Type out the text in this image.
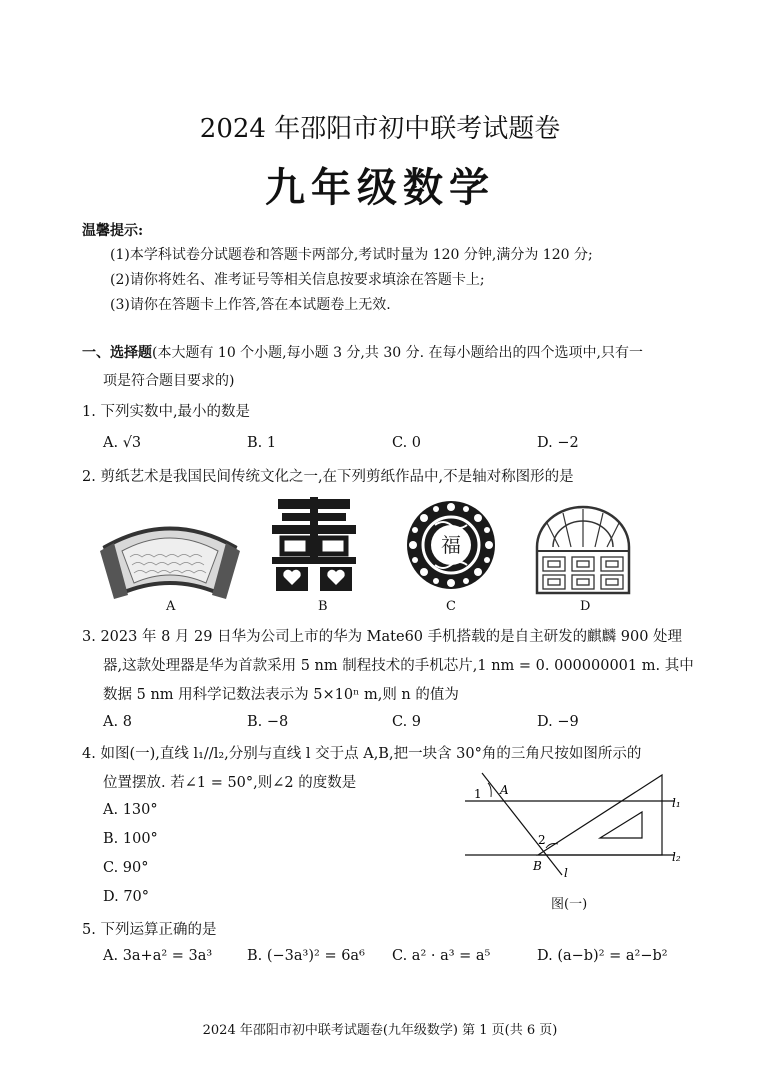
2024 年邵阳市初中联考试题卷
九年级数学
温馨提示:
(1)本学科试卷分试题卷和答题卡两部分,考试时量为 120 分钟,满分为 120 分;
(2)请你将姓名、准考证号等相关信息按要求填涂在答题卡上;
(3)请你在答题卡上作答,答在本试题卷上无效.
一、选择题(本大题有 10 个小题,每小题 3 分,共 30 分. 在每小题给出的四个选项中,只有一
项是符合题目要求的)
1. 下列实数中,最小的数是
A. √3	B. 1	C. 0	D. −2
2. 剪纸艺术是我国民间传统文化之一,在下列剪纸作品中,不是轴对称图形的是
A	B
福
C	D
3. 2023 年 8 月 29 日华为公司上市的华为 Mate60 手机搭载的是自主研发的麒麟 900 处理
器,这款处理器是华为首款采用 5 nm 制程技术的手机芯片,1 nm = 0. 000000001 m. 其中
数据 5 nm 用科学记数法表示为 5×10ⁿ m,则 n 的值为
A. 8	B. −8	C. 9	D. −9
4. 如图(一),直线 l₁//l₂,分别与直线 l 交于点 A,B,把一块含 30°角的三角尺按如图所示的
位置摆放. 若∠1 = 50°,则∠2 的度数是
A. 130°
B. 100°
C. 90°
D. 70°
1 A
2
B l
l₁
l₂
图(一)
5. 下列运算正确的是
A. 3a+a² = 3a³ B. (−3a³)² = 6a⁶ C. a² · a³ = a⁵	D. (a−b)² = a²−b²
2024 年邵阳市初中联考试题卷(九年级数学) 第 1 页(共 6 页)
